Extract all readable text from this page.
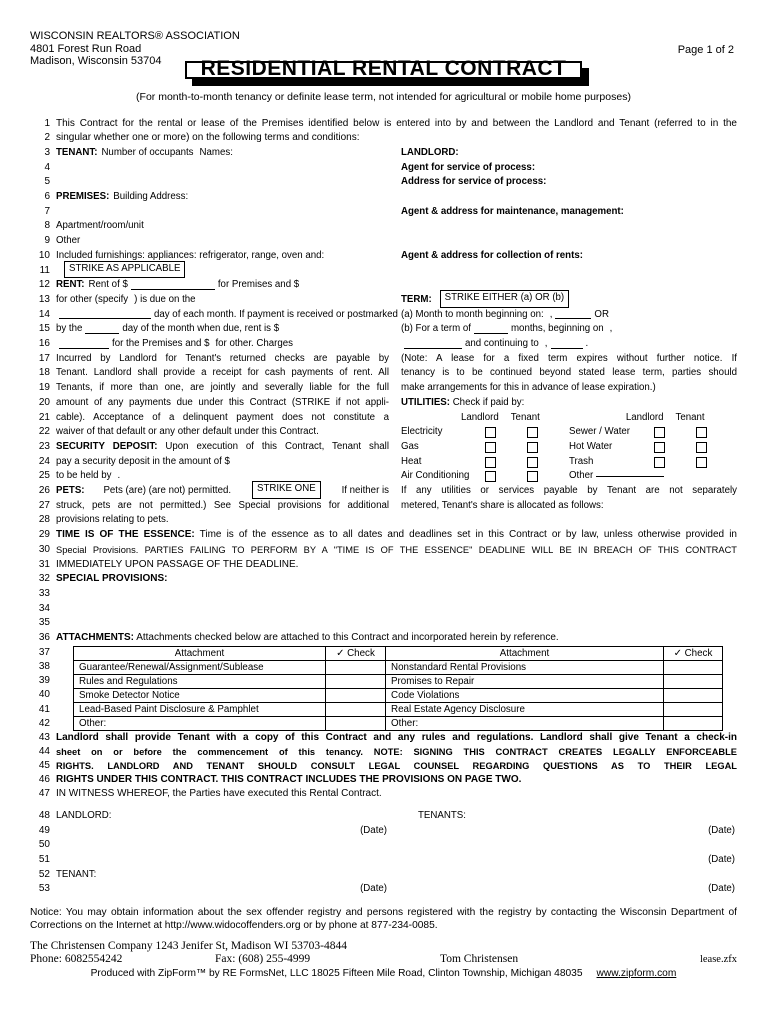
WISCONSIN REALTORS® ASSOCIATION
4801 Forest Run Road
Madison, Wisconsin 53704
Page 1 of 2
RESIDENTIAL RENTAL CONTRACT
(For month-to-month tenancy or definite lease term, not intended for agricultural or mobile home purposes)
1 This Contract for the rental or lease of the Premises identified below is entered into by and between the Landlord and Tenant (referred to in the
2 singular whether one or more) on the following terms and conditions:
3 TENANT: Number of occupants Names:	LANDLORD:
4	Agent for service of process:
5	Address for service of process:
6 PREMISES: Building Address:
7	Agent & address for maintenance, management:
8 Apartment/room/unit
9 Other
10 Included furnishings: appliances: refrigerator, range, oven and:	Agent & address for collection of rents:
11	STRIKE AS APPLICABLE
12 RENT: Rent of $	for Premises and $
13 for other (specify ) is due on the	TERM:	STRIKE EITHER (a) OR (b)
14	day of each month. If payment is received or postmarked (a) Month to month beginning on: ,	OR
15 by the	day of the month when due, rent is $	(b) For a term of	months, beginning on ,
16	for the Premises and $ for other. Charges	and continuing to ,	.
17 Incurred by Landlord for Tenant's returned checks are payable by (Note: A lease for a fixed term expires without further notice. If
18 Tenant. Landlord shall provide a receipt for cash payments of rent. All tenancy is to be continued beyond stated lease term, parties should
19 Tenants, if more than one, are jointly and severally liable for the full make arrangements for this in advance of lease expiration.)
20 amount of any payments due under this Contract (STRIKE if not appli- UTILITIES: Check if paid by:
21 cable). Acceptance of a delinquent payment does not constitute a	Landlord Tenant	Landlord Tenant
22 waiver of that default or any other default under this Contract.	Electricity	Sewer / Water
23 SECURITY DEPOSIT: Upon execution of this Contract, Tenant shall Gas	Hot Water
24 pay a security deposit in the amount of $	Heat	Trash
25 to be held by .	Air Conditioning	Other
26 PETS: Pets (are) (are not) permitted.	STRIKE ONE	If neither is If any utilities or services payable by Tenant are not separately
27 struck, pets are not permitted.) See Special provisions for additional metered, Tenant's share is allocated as follows:
28 provisions relating to pets.
29 TIME IS OF THE ESSENCE: Time is of the essence as to all dates and deadlines set in this Contract or by law, unless otherwise provided in
30 Special Provisions. PARTIES FAILING TO PERFORM BY A "TIME IS OF THE ESSENCE" DEADLINE WILL BE IN BREACH OF THIS CONTRACT
31 IMMEDIATELY UPON PASSAGE OF THE DEADLINE.
32 SPECIAL PROVISIONS:
33
34
35
36 ATTACHMENTS: Attachments checked below are attached to this Contract and incorporated herein by reference.
37
38
39
40
41
42
Attachment	✓ Check	Attachment	✓ Check
Guarantee/Renewal/Assignment/Sublease		Nonstandard Rental Provisions	
Rules and Regulations		Promises to Repair	
Smoke Detector Notice		Code Violations	
Lead-Based Paint Disclosure & Pamphlet		Real Estate Agency Disclosure	
Other:		Other:	
43 Landlord shall provide Tenant with a copy of this Contract and any rules and regulations. Landlord shall give Tenant a check-in
44 sheet on or before the commencement of this tenancy. NOTE: SIGNING THIS CONTRACT CREATES LEGALLY ENFORCEABLE
45 RIGHTS. LANDLORD AND TENANT SHOULD CONSULT LEGAL COUNSEL REGARDING QUESTIONS AS TO THEIR LEGAL
46 RIGHTS UNDER THIS CONTRACT. THIS CONTRACT INCLUDES THE PROVISIONS ON PAGE TWO.
47 IN WITNESS WHEREOF, the Parties have executed this Rental Contract.
48 LANDLORD:	TENANTS:
49	(Date)	(Date)
50
51	(Date)
52 TENANT:
53	(Date)	(Date)
Notice: You may obtain information about the sex offender registry and persons registered with the registry by contacting the Wisconsin Department of
Corrections on the Internet at http://www.widocoffenders.org or by phone at 877-234-0085.
The Christensen Company 1243 Jenifer St, Madison WI 53703-4844
Phone: 6082554242	Fax: (608) 255-4999	Tom Christensen	lease.zfx
Produced with ZipForm™ by RE FormsNet, LLC 18025 Fifteen Mile Road, Clinton Township, Michigan 48035 www.zipform.com
